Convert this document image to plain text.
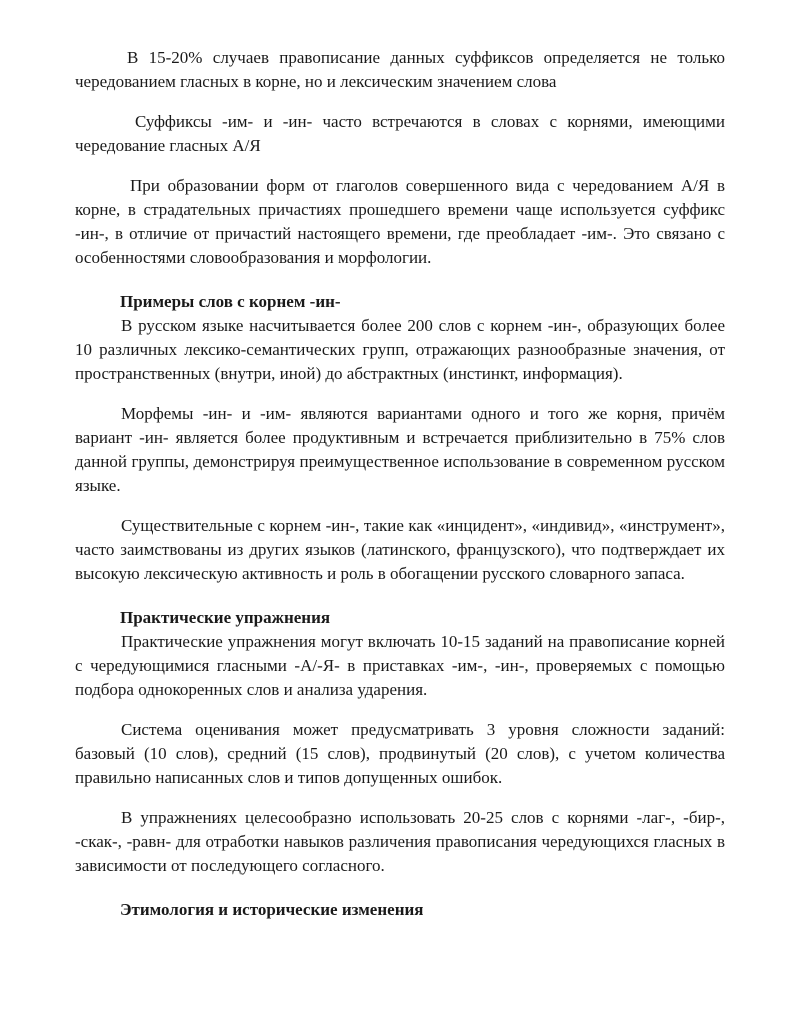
В 15-20% случаев правописание данных суффиксов определяется не только чередованием гласных в корне, но и лексическим значением слова

Суффиксы -им- и -ин- часто встречаются в словах с корнями, имеющими чередование гласных А/Я

При образовании форм от глаголов совершенного вида с чередованием А/Я в корне, в страдательных причастиях прошедшего времени чаще используется суффикс -ин-, в отличие от причастий настоящего времени, где преобладает -им-. Это связано с особенностями словообразования и морфологии.

Примеры слов с корнем -ин-

В русском языке насчитывается более 200 слов с корнем -ин-, образующих более 10 различных лексико-семантических групп, отражающих разнообразные значения, от пространственных (внутри, иной) до абстрактных (инстинкт, информация).

Морфемы -ин- и -им- являются вариантами одного и того же корня, причём вариант -ин- является более продуктивным и встречается приблизительно в 75% слов данной группы, демонстрируя преимущественное использование в современном русском языке.

Существительные с корнем -ин-, такие как «инцидент», «индивид», «инструмент», часто заимствованы из других языков (латинского, французского), что подтверждает их высокую лексическую активность и роль в обогащении русского словарного запаса.

Практические упражнения

Практические упражнения могут включать 10-15 заданий на правописание корней с чередующимися гласными -А/-Я- в приставках -им-, -ин-, проверяемых с помощью подбора однокоренных слов и анализа ударения.

Система оценивания может предусматривать 3 уровня сложности заданий: базовый (10 слов), средний (15 слов), продвинутый (20 слов), с учетом количества правильно написанных слов и типов допущенных ошибок.

В упражнениях целесообразно использовать 20-25 слов с корнями -лаг-, -бир-, -скак-, -равн- для отработки навыков различения правописания чередующихся гласных в зависимости от последующего согласного.

Этимология и исторические изменения
